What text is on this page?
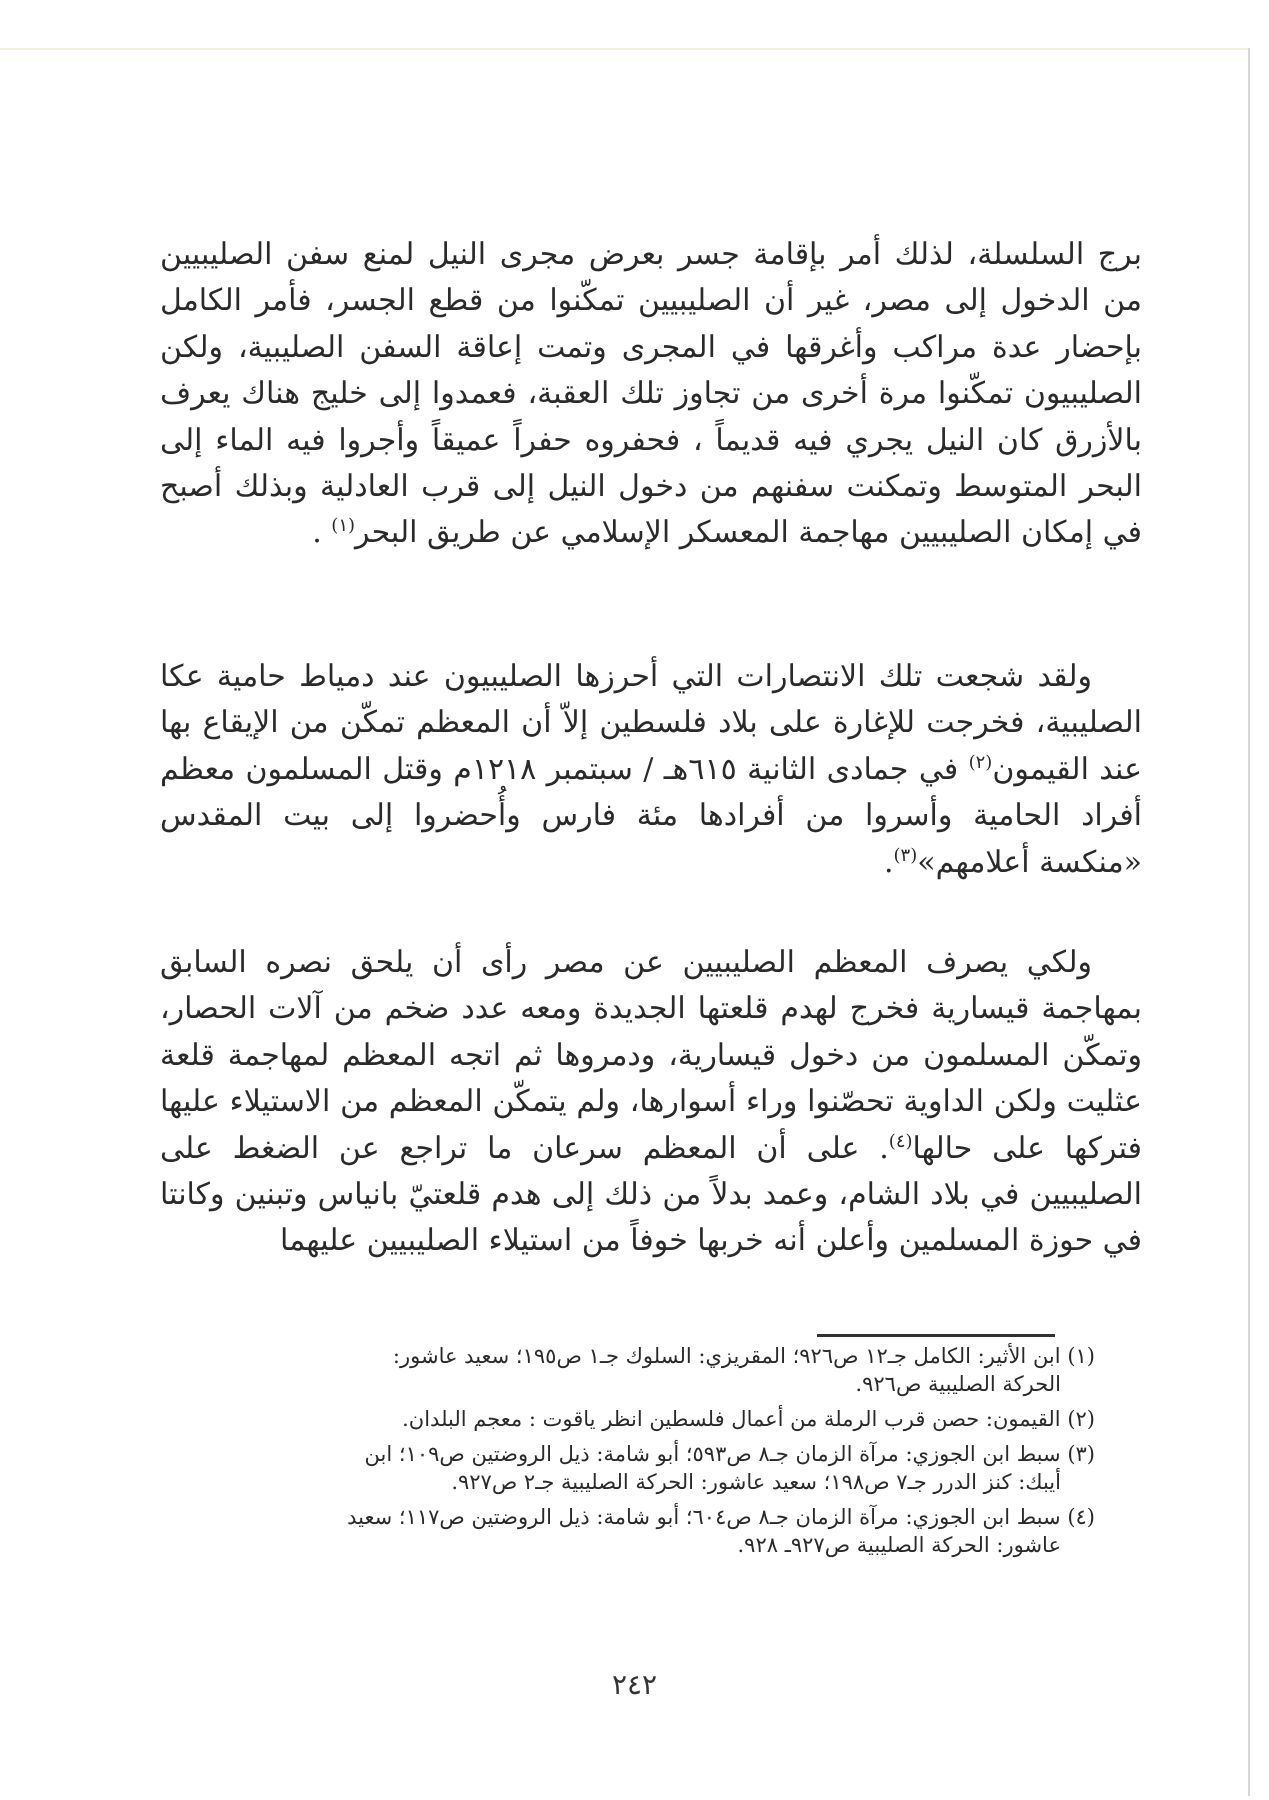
برج السلسلة، لذلك أمر بإقامة جسر بعرض مجرى النيل لمنع سفن الصليبيين من الدخول إلى مصر، غير أن الصليبيين تمكّنوا من قطع الجسر، فأمر الكامل بإحضار عدة مراكب وأغرقها في المجرى وتمت إعاقة السفن الصليبية، ولكن الصليبيون تمكّنوا مرة أخرى من تجاوز تلك العقبة، فعمدوا إلى خليج هناك يعرف بالأزرق كان النيل يجري فيه قديماً ، فحفروه حفراً عميقاً وأجروا فيه الماء إلى البحر المتوسط وتمكنت سفنهم من دخول النيل إلى قرب العادلية وبذلك أصبح في إمكان الصليبيين مهاجمة المعسكر الإسلامي عن طريق البحر$^{(١)}$ .

ولقد شجعت تلك الانتصارات التي أحرزها الصليبيون عند دمياط حامية عكا الصليبية، فخرجت للإغارة على بلاد فلسطين إلاّ أن المعظم تمكّن من الإيقاع بها عند القيمون$^{(٢)}$ في جمادى الثانية ٦١٥هـ / سبتمبر ١٢١٨م وقتل المسلمون معظم أفراد الحامية وأسروا من أفرادها مئة فارس وأُحضروا إلى بيت المقدس «منكسة أعلامهم»$^{(٣)}$.

ولكي يصرف المعظم الصليبيين عن مصر رأى أن يلحق نصره السابق بمهاجمة قيسارية فخرج لهدم قلعتها الجديدة ومعه عدد ضخم من آلات الحصار، وتمكّن المسلمون من دخول قيسارية، ودمروها ثم اتجه المعظم لمهاجمة قلعة عثليت ولكن الداوية تحصّنوا وراء أسوارها، ولم يتمكّن المعظم من الاستيلاء عليها فتركها على حالها$^{(٤)}$. على أن المعظم سرعان ما تراجع عن الضغط على الصليبيين في بلاد الشام، وعمد بدلاً من ذلك إلى هدم قلعتيّ بانياس وتبنين وكانتا في حوزة المسلمين وأعلن أنه خربها خوفاً من استيلاء الصليبيين عليهما

(١) ابن الأثير: الكامل جـ١٢ ص٩٢٦؛ المقريزي: السلوك جـ١ ص١٩٥؛ سعيد عاشور:
الحركة الصليبية ص٩٢٦.

(٢) القيمون: حصن قرب الرملة من أعمال فلسطين انظر ياقوت : معجم البلدان.

(٣) سبط ابن الجوزي: مرآة الزمان جـ٨ ص٥٩٣؛ أبو شامة: ذيل الروضتين ص١٠٩؛ ابن
أيبك: كنز الدرر جـ٧ ص١٩٨؛ سعيد عاشور: الحركة الصليبية جـ٢ ص٩٢٧.

(٤) سبط ابن الجوزي: مرآة الزمان جـ٨ ص٦٠٤؛ أبو شامة: ذيل الروضتين ص١١٧؛ سعيد
عاشور: الحركة الصليبية ص٩٢٧ـ ٩٢٨.

٢٤٢
